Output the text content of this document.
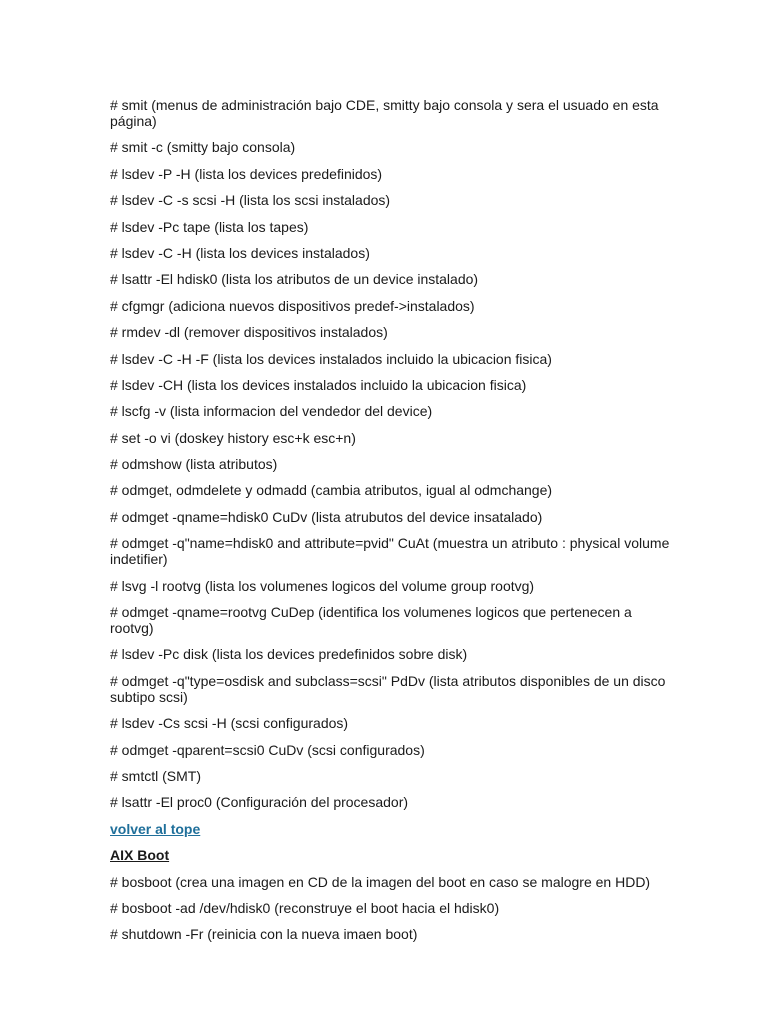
# smit (menus de administración bajo CDE, smitty bajo consola y sera el usuado en esta página)

# smit -c (smitty bajo consola)

# lsdev -P -H (lista los devices predefinidos)

# lsdev -C -s scsi -H (lista los scsi instalados)

# lsdev -Pc tape (lista los tapes)

# lsdev -C -H (lista los devices instalados)

# lsattr -El hdisk0 (lista los atributos de un device instalado)

# cfgmgr (adiciona nuevos dispositivos predef->instalados)

# rmdev -dl (remover dispositivos instalados)

# lsdev -C -H -F (lista los devices instalados incluido la ubicacion fisica)

# lsdev -CH (lista los devices instalados incluido la ubicacion fisica)

# lscfg -v (lista informacion del vendedor del device)

# set -o vi (doskey history esc+k esc+n)

# odmshow (lista atributos)

# odmget, odmdelete y odmadd (cambia atributos, igual al odmchange)

# odmget -qname=hdisk0 CuDv (lista atrubutos del device insatalado)

# odmget -q"name=hdisk0 and attribute=pvid" CuAt (muestra un atributo : physical volume indetifier)

# lsvg -l rootvg (lista los volumenes logicos del volume group rootvg)

# odmget -qname=rootvg CuDep (identifica los volumenes logicos que pertenecen a rootvg)

# lsdev -Pc disk (lista los devices predefinidos sobre disk)

# odmget -q"type=osdisk and subclass=scsi" PdDv (lista atributos disponibles de un disco subtipo scsi)

# lsdev -Cs scsi -H (scsi configurados)

# odmget -qparent=scsi0 CuDv (scsi configurados)

# smtctl (SMT)

# lsattr -El proc0 (Configuración del procesador)

volver al tope

AIX Boot

# bosboot (crea una imagen en CD de la imagen del boot en caso se malogre en HDD)

# bosboot -ad /dev/hdisk0 (reconstruye el boot hacia el hdisk0)

# shutdown -Fr (reinicia con la nueva imaen boot)
